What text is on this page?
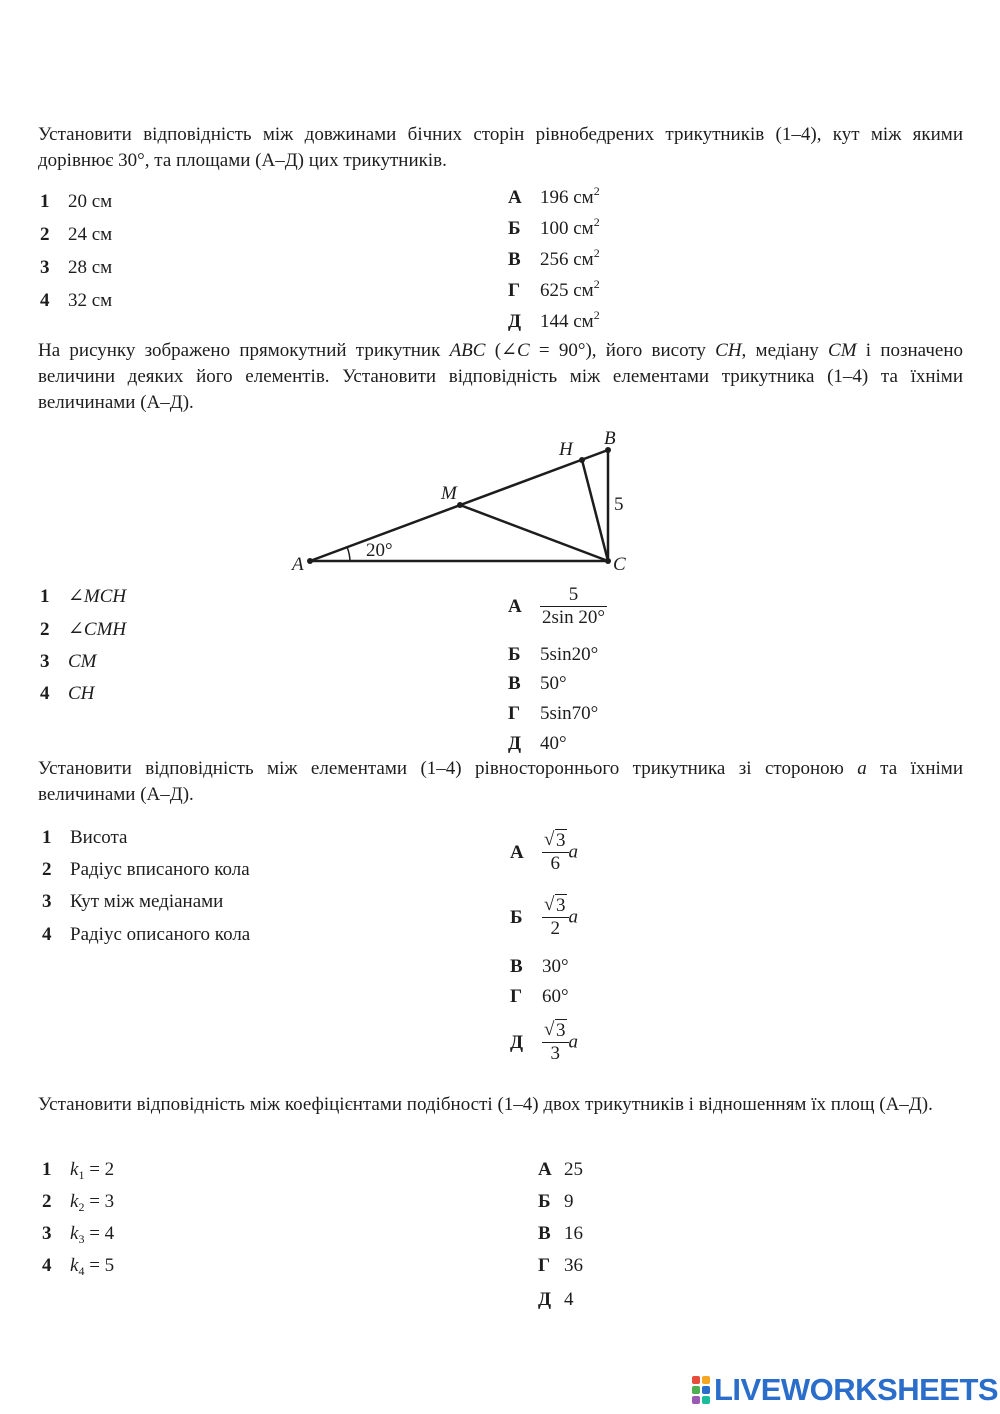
Установити відповідність між довжинами бічних сторін рівнобедрених трикутників (1–4), кут між якими дорівнює 30°, та площами (А–Д) цих трикутників.
1 20 см
2 24 см
3 28 см
4 32 см
А 196 $см^2$
Б 100 $см^2$
В 256 $см^2$
Г 625 $см^2$
Д 144 $см^2$
На рисунку зображено прямокутний трикутник ABC (∠C = 90°), його висоту CH, медіану CM і позначено величини деяких його елементів. Установити відповідність між елементами трикутника (1–4) та їхніми величинами (А–Д).
A	C
B
H
M
20°
5
1 ∠MCH
2 ∠CMH
3 CM
4 CH
А $\frac{5}{2\sin 20^\circ}$
Б 5sin20°
В 50°
Г 5sin70°
Д 40°
Установити відповідність між елементами (1–4) рівностороннього трикутника зі стороною a та їхніми величинами (А–Д).
1 Висота
2 Радіус вписаного кола
3 Кут між медіанами
4 Радіус описаного кола
А $\frac{√ 3}{6}$ a
Б $\frac{√ 3}{2}$ a
В 30°
Г 60°
Д $\frac{√ 3}{3}$ a
Установити відповідність між коефіцієнтами подібності (1–4) двох трикутників і відношенням їх площ (А–Д).
1 $k_1 = 2$
2 $k_2 = 3$
3 $k_3 = 4$
4 $k_4 = 5$
А 25
Б 9
В 16
Г 36
Д 4
LIVEWORKSHEETS
